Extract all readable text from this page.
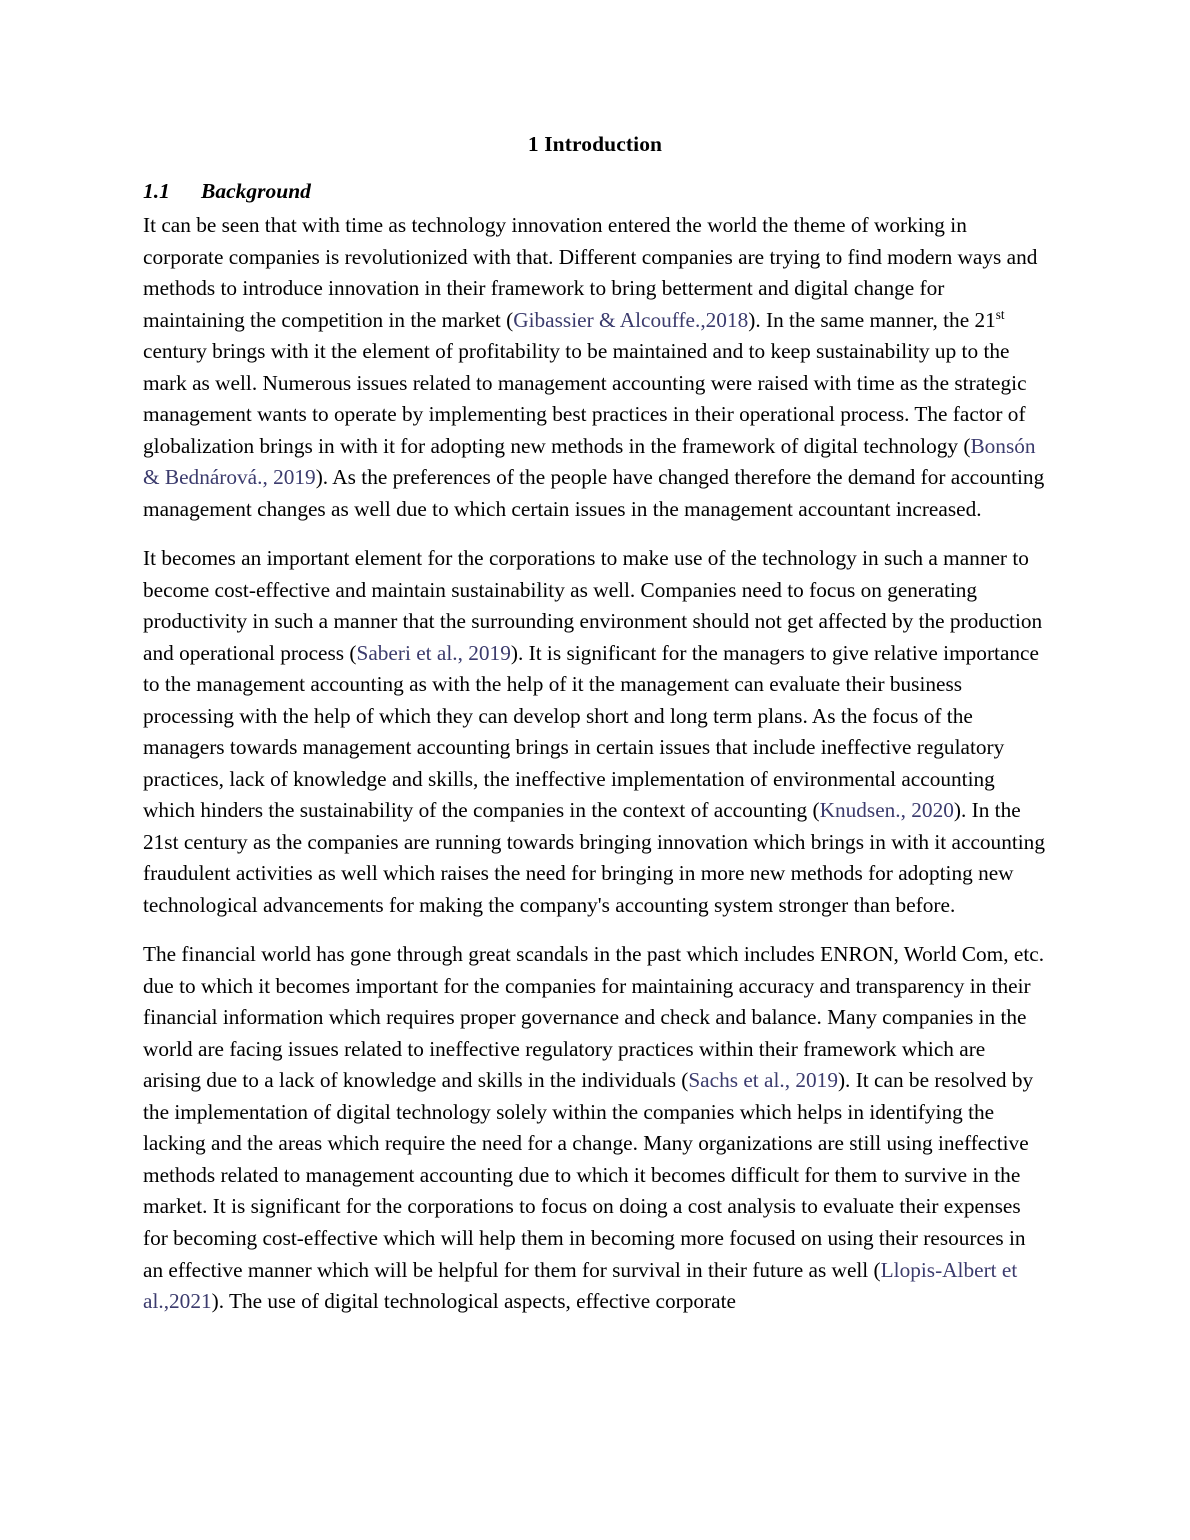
1 Introduction
1.1	Background

It can be seen that with time as technology innovation entered the world the theme of working in corporate companies is revolutionized with that. Different companies are trying to find modern ways and methods to introduce innovation in their framework to bring betterment and digital change for maintaining the competition in the market (Gibassier & Alcouffe.,2018). In the same manner, the 21st century brings with it the element of profitability to be maintained and to keep sustainability up to the mark as well. Numerous issues related to management accounting were raised with time as the strategic management wants to operate by implementing best practices in their operational process. The factor of globalization brings in with it for adopting new methods in the framework of digital technology (Bonsón & Bednárová., 2019). As the preferences of the people have changed therefore the demand for accounting management changes as well due to which certain issues in the management accountant increased.

It becomes an important element for the corporations to make use of the technology in such a manner to become cost-effective and maintain sustainability as well. Companies need to focus on generating productivity in such a manner that the surrounding environment should not get affected by the production and operational process (Saberi et al., 2019). It is significant for the managers to give relative importance to the management accounting as with the help of it the management can evaluate their business processing with the help of which they can develop short and long term plans. As the focus of the managers towards management accounting brings in certain issues that include ineffective regulatory practices, lack of knowledge and skills, the ineffective implementation of environmental accounting which hinders the sustainability of the companies in the context of accounting (Knudsen., 2020). In the 21st century as the companies are running towards bringing innovation which brings in with it accounting fraudulent activities as well which raises the need for bringing in more new methods for adopting new technological advancements for making the company's accounting system stronger than before.

The financial world has gone through great scandals in the past which includes ENRON, World Com, etc. due to which it becomes important for the companies for maintaining accuracy and transparency in their financial information which requires proper governance and check and balance. Many companies in the world are facing issues related to ineffective regulatory practices within their framework which are arising due to a lack of knowledge and skills in the individuals (Sachs et al., 2019). It can be resolved by the implementation of digital technology solely within the companies which helps in identifying the lacking and the areas which require the need for a change. Many organizations are still using ineffective methods related to management accounting due to which it becomes difficult for them to survive in the market. It is significant for the corporations to focus on doing a cost analysis to evaluate their expenses for becoming cost-effective which will help them in becoming more focused on using their resources in an effective manner which will be helpful for them for survival in their future as well (Llopis-Albert et al.,2021). The use of digital technological aspects, effective corporate
